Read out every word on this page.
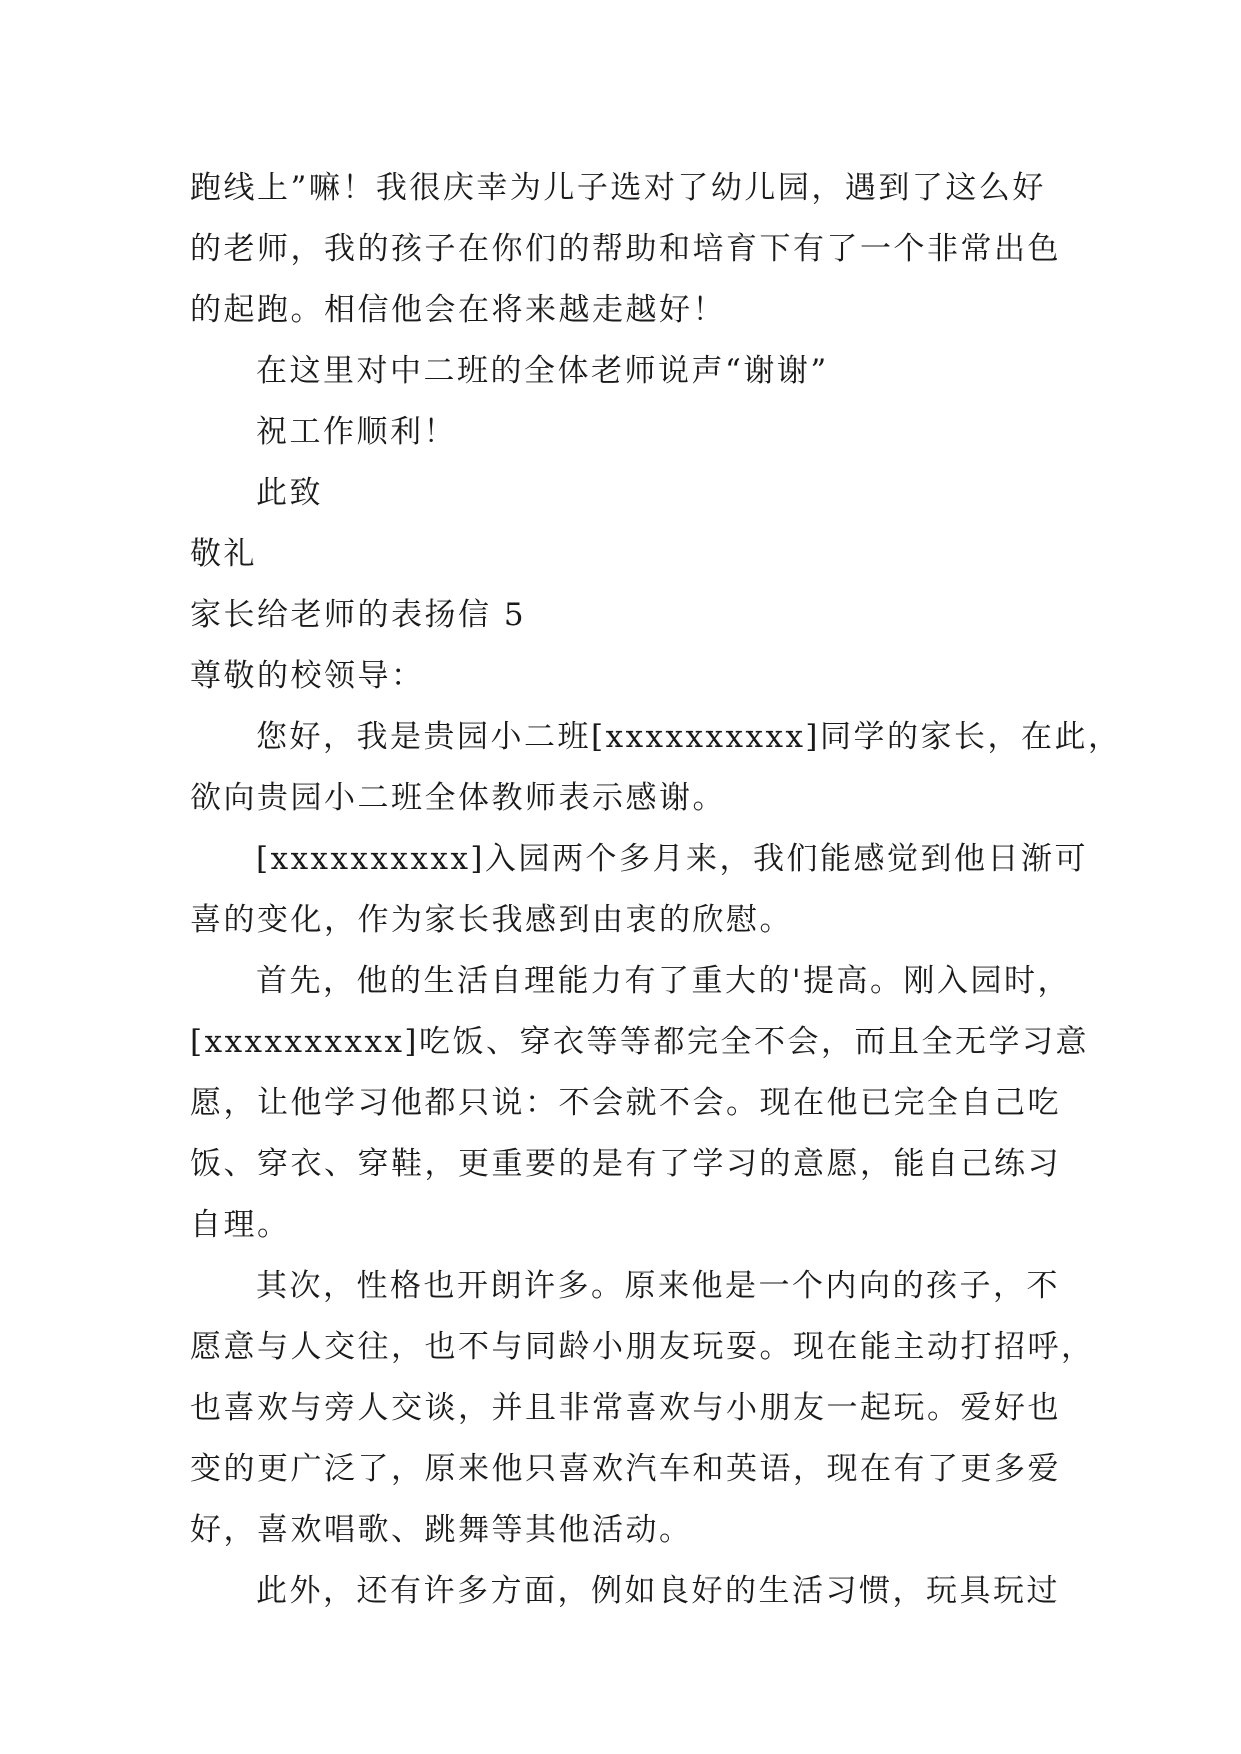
跑线上”嘛！我很庆幸为儿子选对了幼儿园，遇到了这么好
的老师，我的孩子在你们的帮助和培育下有了一个非常出色
的起跑。相信他会在将来越走越好！
在这里对中二班的全体老师说声“谢谢”
祝工作顺利！
此致
敬礼
家长给老师的表扬信 5
尊敬的校领导：
您好，我是贵园小二班[xxxxxxxxxx]同学的家长，在此，
欲向贵园小二班全体教师表示感谢。
[xxxxxxxxxx]入园两个多月来，我们能感觉到他日渐可
喜的变化，作为家长我感到由衷的欣慰。
首先，他的生活自理能力有了重大的'提高。刚入园时，
[xxxxxxxxxx]吃饭、穿衣等等都完全不会，而且全无学习意
愿，让他学习他都只说：不会就不会。现在他已完全自己吃
饭、穿衣、穿鞋，更重要的是有了学习的意愿，能自己练习
自理。
其次，性格也开朗许多。原来他是一个内向的孩子，不
愿意与人交往，也不与同龄小朋友玩耍。现在能主动打招呼，
也喜欢与旁人交谈，并且非常喜欢与小朋友一起玩。爱好也
变的更广泛了，原来他只喜欢汽车和英语，现在有了更多爱
好，喜欢唱歌、跳舞等其他活动。
此外，还有许多方面，例如良好的生活习惯，玩具玩过
